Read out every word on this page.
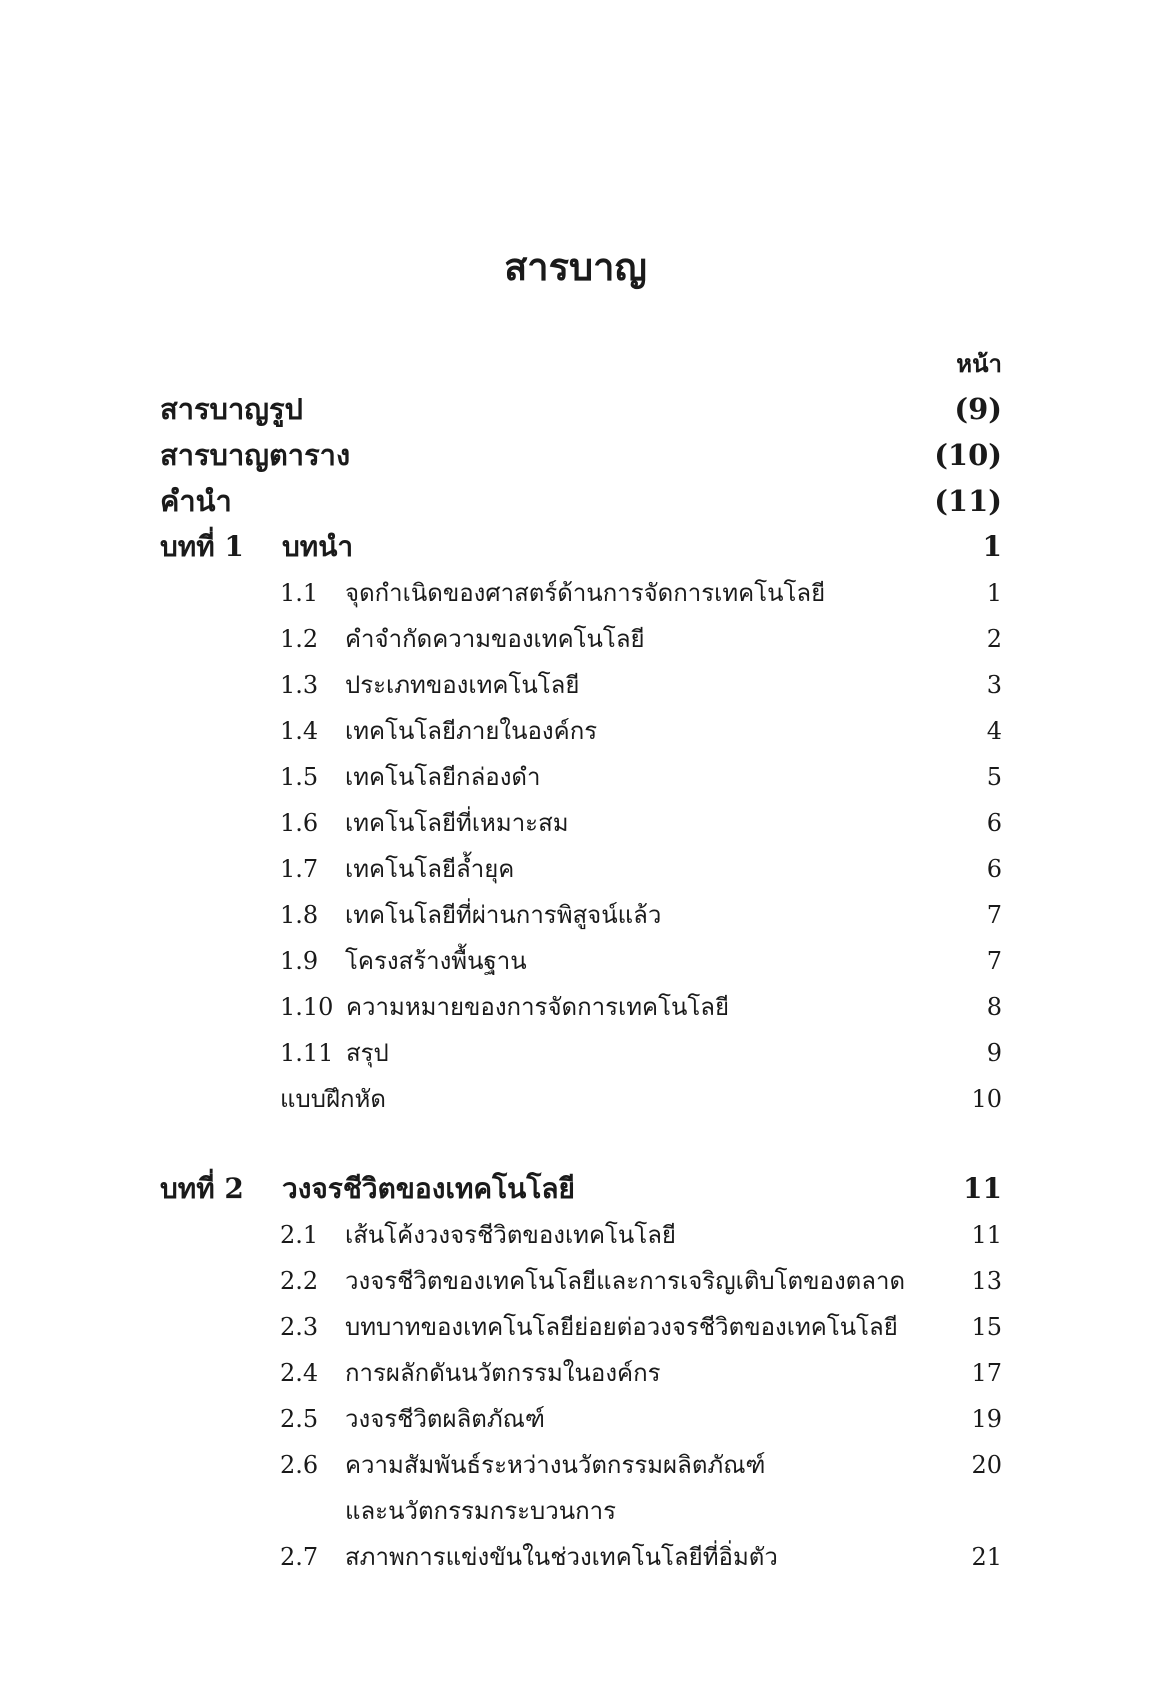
สารบาญ
หน้า
สารบาญรูป	(9)
สารบาญตาราง	(10)
คำนำ	(11)
บทที่ 1	บทนำ	1
1.1	จุดกำเนิดของศาสตร์ด้านการจัดการเทคโนโลยี	1
1.2	คำจำกัดความของเทคโนโลยี	2
1.3	ประเภทของเทคโนโลยี	3
1.4	เทคโนโลยีภายในองค์กร	4
1.5	เทคโนโลยีกล่องดำ	5
1.6	เทคโนโลยีที่เหมาะสม	6
1.7	เทคโนโลยีล้ำยุค	6
1.8	เทคโนโลยีที่ผ่านการพิสูจน์แล้ว	7
1.9	โครงสร้างพื้นฐาน	7
1.10 ความหมายของการจัดการเทคโนโลยี	8
1.11 สรุป	9
แบบฝึกหัด	10
บทที่ 2	วงจรชีวิตของเทคโนโลยี	11
2.1	เส้นโค้งวงจรชีวิตของเทคโนโลยี	11
2.2	วงจรชีวิตของเทคโนโลยีและการเจริญเติบโตของตลาด	13
2.3	บทบาทของเทคโนโลยีย่อยต่อวงจรชีวิตของเทคโนโลยี	15
2.4	การผลักดันนวัตกรรมในองค์กร	17
2.5	วงจรชีวิตผลิตภัณฑ์	19
2.6	ความสัมพันธ์ระหว่างนวัตกรรมผลิตภัณฑ์
และนวัตกรรมกระบวนการ
20
2.7	สภาพการแข่งขันในช่วงเทคโนโลยีที่อิ่มตัว	21
